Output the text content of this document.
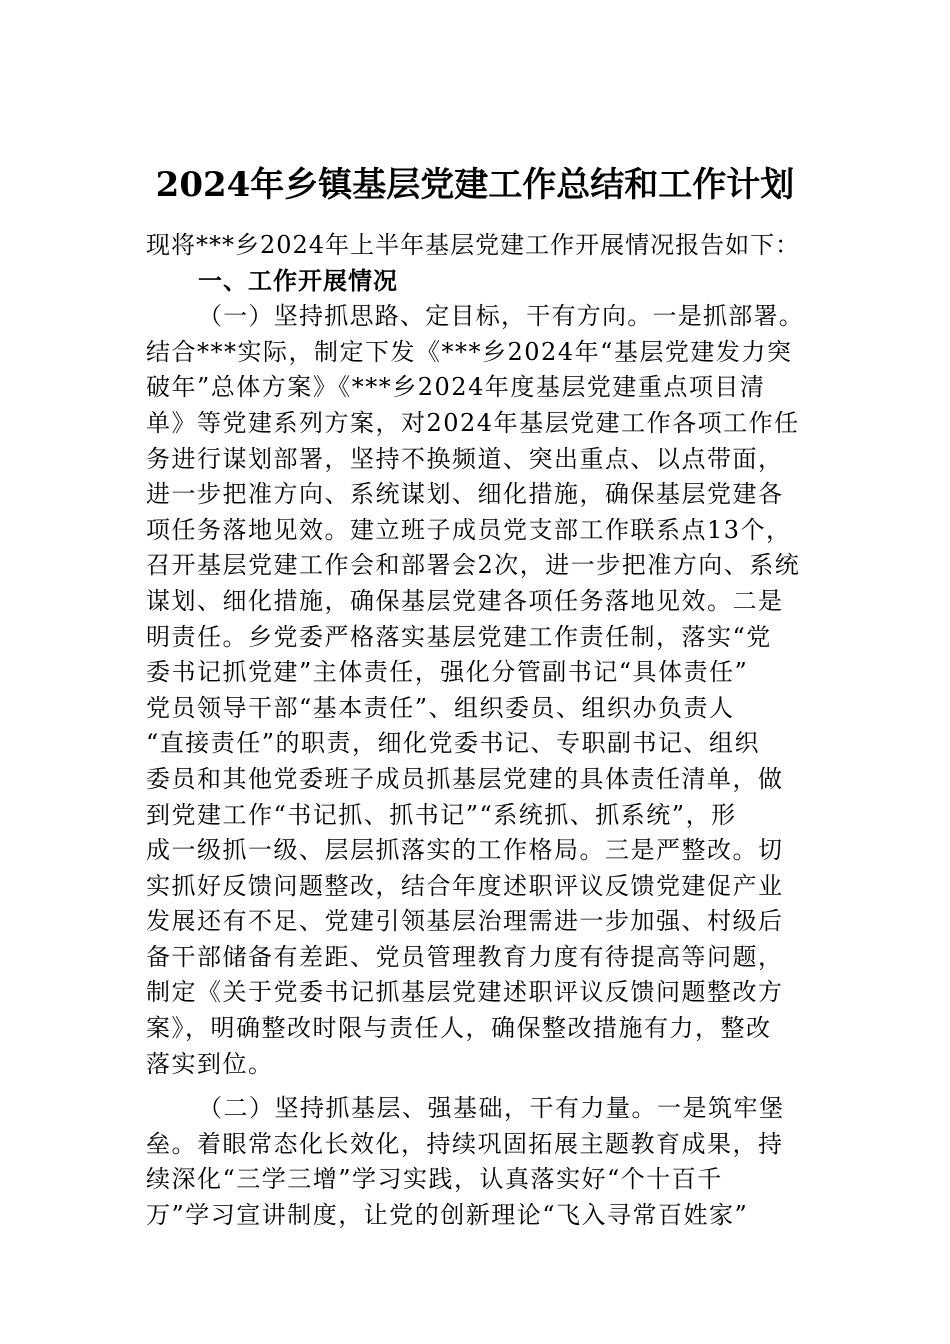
2024年乡镇基层党建工作总结和工作计划
现将***乡2024年上半年基层党建工作开展情况报告如下：
一、工作开展情况
（一）坚持抓思路、定目标，干有方向。一是抓部署。
结合***实际，制定下发《***乡2024年“基层党建发力突
破年”总体方案》《***乡2024年度基层党建重点项目清
单》等党建系列方案，对2024年基层党建工作各项工作任
务进行谋划部署，坚持不换频道、突出重点、以点带面，
进一步把准方向、系统谋划、细化措施，确保基层党建各
项任务落地见效。建立班子成员党支部工作联系点13个，
召开基层党建工作会和部署会2次，进一步把准方向、系统
谋划、细化措施，确保基层党建各项任务落地见效。二是
明责任。乡党委严格落实基层党建工作责任制，落实“党
委书记抓党建”主体责任，强化分管副书记“具体责任”
党员领导干部“基本责任”、组织委员、组织办负责人
“直接责任”的职责，细化党委书记、专职副书记、组织
委员和其他党委班子成员抓基层党建的具体责任清单，做
到党建工作“书记抓、抓书记”“系统抓、抓系统”，形
成一级抓一级、层层抓落实的工作格局。三是严整改。切
实抓好反馈问题整改，结合年度述职评议反馈党建促产业
发展还有不足、党建引领基层治理需进一步加强、村级后
备干部储备有差距、党员管理教育力度有待提高等问题，
制定《关于党委书记抓基层党建述职评议反馈问题整改方
案》，明确整改时限与责任人，确保整改措施有力，整改
落实到位。
（二）坚持抓基层、强基础，干有力量。一是筑牢堡
垒。着眼常态化长效化，持续巩固拓展主题教育成果，持
续深化“三学三增”学习实践，认真落实好“个十百千
万”学习宣讲制度，让党的创新理论“飞入寻常百姓家”
